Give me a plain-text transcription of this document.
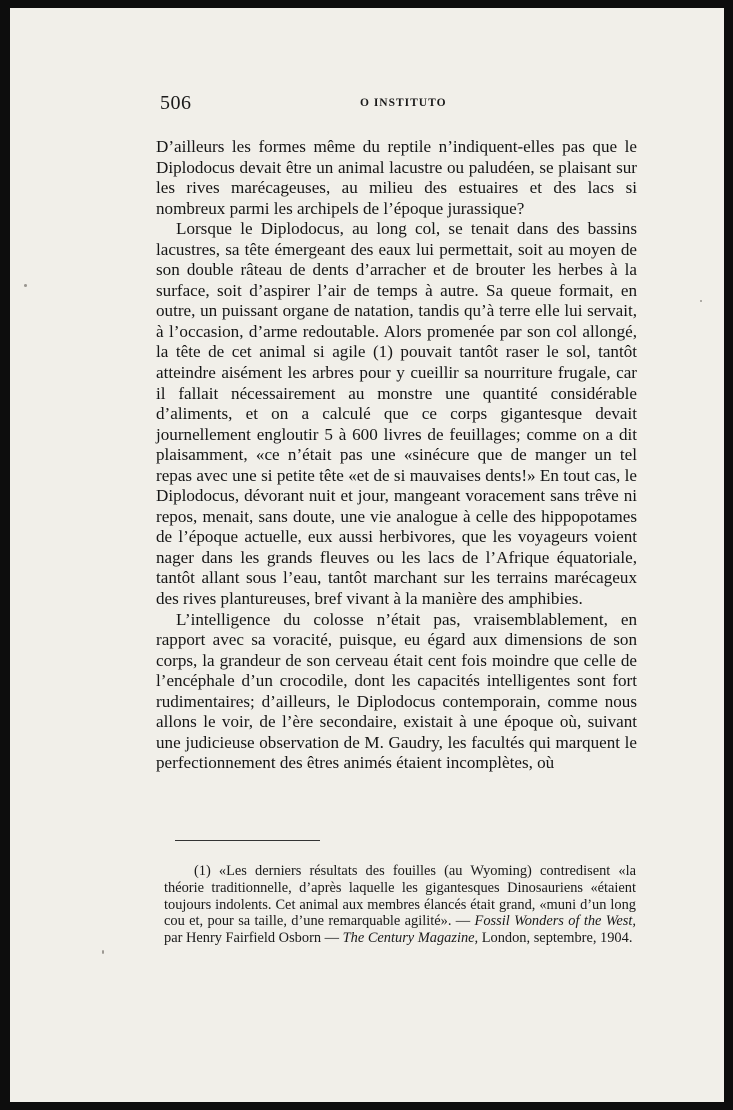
506	O INSTITUTO

D’ailleurs les formes même du reptile n’indiquent-elles pas que le Diplodocus devait être un animal lacustre ou paludéen, se plaisant sur les rives marécageuses, au milieu des estuaires et des lacs si nombreux parmi les archipels de l’époque jurassique?

Lorsque le Diplodocus, au long col, se tenait dans des bassins lacustres, sa tête émergeant des eaux lui permettait, soit au moyen de son double râteau de dents d’arracher et de brouter les herbes à la surface, soit d’aspirer l’air de temps à autre. Sa queue formait, en outre, un puissant organe de natation, tandis qu’à terre elle lui servait, à l’occasion, d’arme redoutable. Alors promenée par son col allongé, la tête de cet animal si agile (1) pouvait tantôt raser le sol, tantôt atteindre aisément les arbres pour y cueillir sa nourriture frugale, car il fallait nécessairement au monstre une quantité considérable d’aliments, et on a calculé que ce corps gigantesque devait journellement engloutir 5 à 600 livres de feuillages; comme on a dit plaisamment, «ce n’était pas une «sinécure que de manger un tel repas avec une si petite tête «et de si mauvaises dents!» En tout cas, le Diplodocus, dévorant nuit et jour, mangeant voracement sans trêve ni repos, menait, sans doute, une vie analogue à celle des hippopotames de l’époque actuelle, eux aussi herbivores, que les voyageurs voient nager dans les grands fleuves ou les lacs de l’Afrique équatoriale, tantôt allant sous l’eau, tantôt marchant sur les terrains marécageux des rives plantureuses, bref vivant à la manière des amphibies.

L’intelligence du colosse n’était pas, vraisemblablement, en rapport avec sa voracité, puisque, eu égard aux dimensions de son corps, la grandeur de son cerveau était cent fois moindre que celle de l’encéphale d’un crocodile, dont les capacités intelligentes sont fort rudimentaires; d’ailleurs, le Diplodocus contemporain, comme nous allons le voir, de l’ère secondaire, existait à une époque où, suivant une judicieuse observation de M. Gaudry, les facultés qui marquent le perfectionnement des êtres animés étaient incomplètes, où

(1) «Les derniers résultats des fouilles (au Wyoming) contredisent «la théorie traditionnelle, d’après laquelle les gigantesques Dinosauriens «étaient toujours indolents. Cet animal aux membres élancés était grand, «muni d’un long cou et, pour sa taille, d’une remarquable agilité». — Fossil Wonders of the West, par Henry Fairfield Osborn — The Century Magazine, London, septembre, 1904.
